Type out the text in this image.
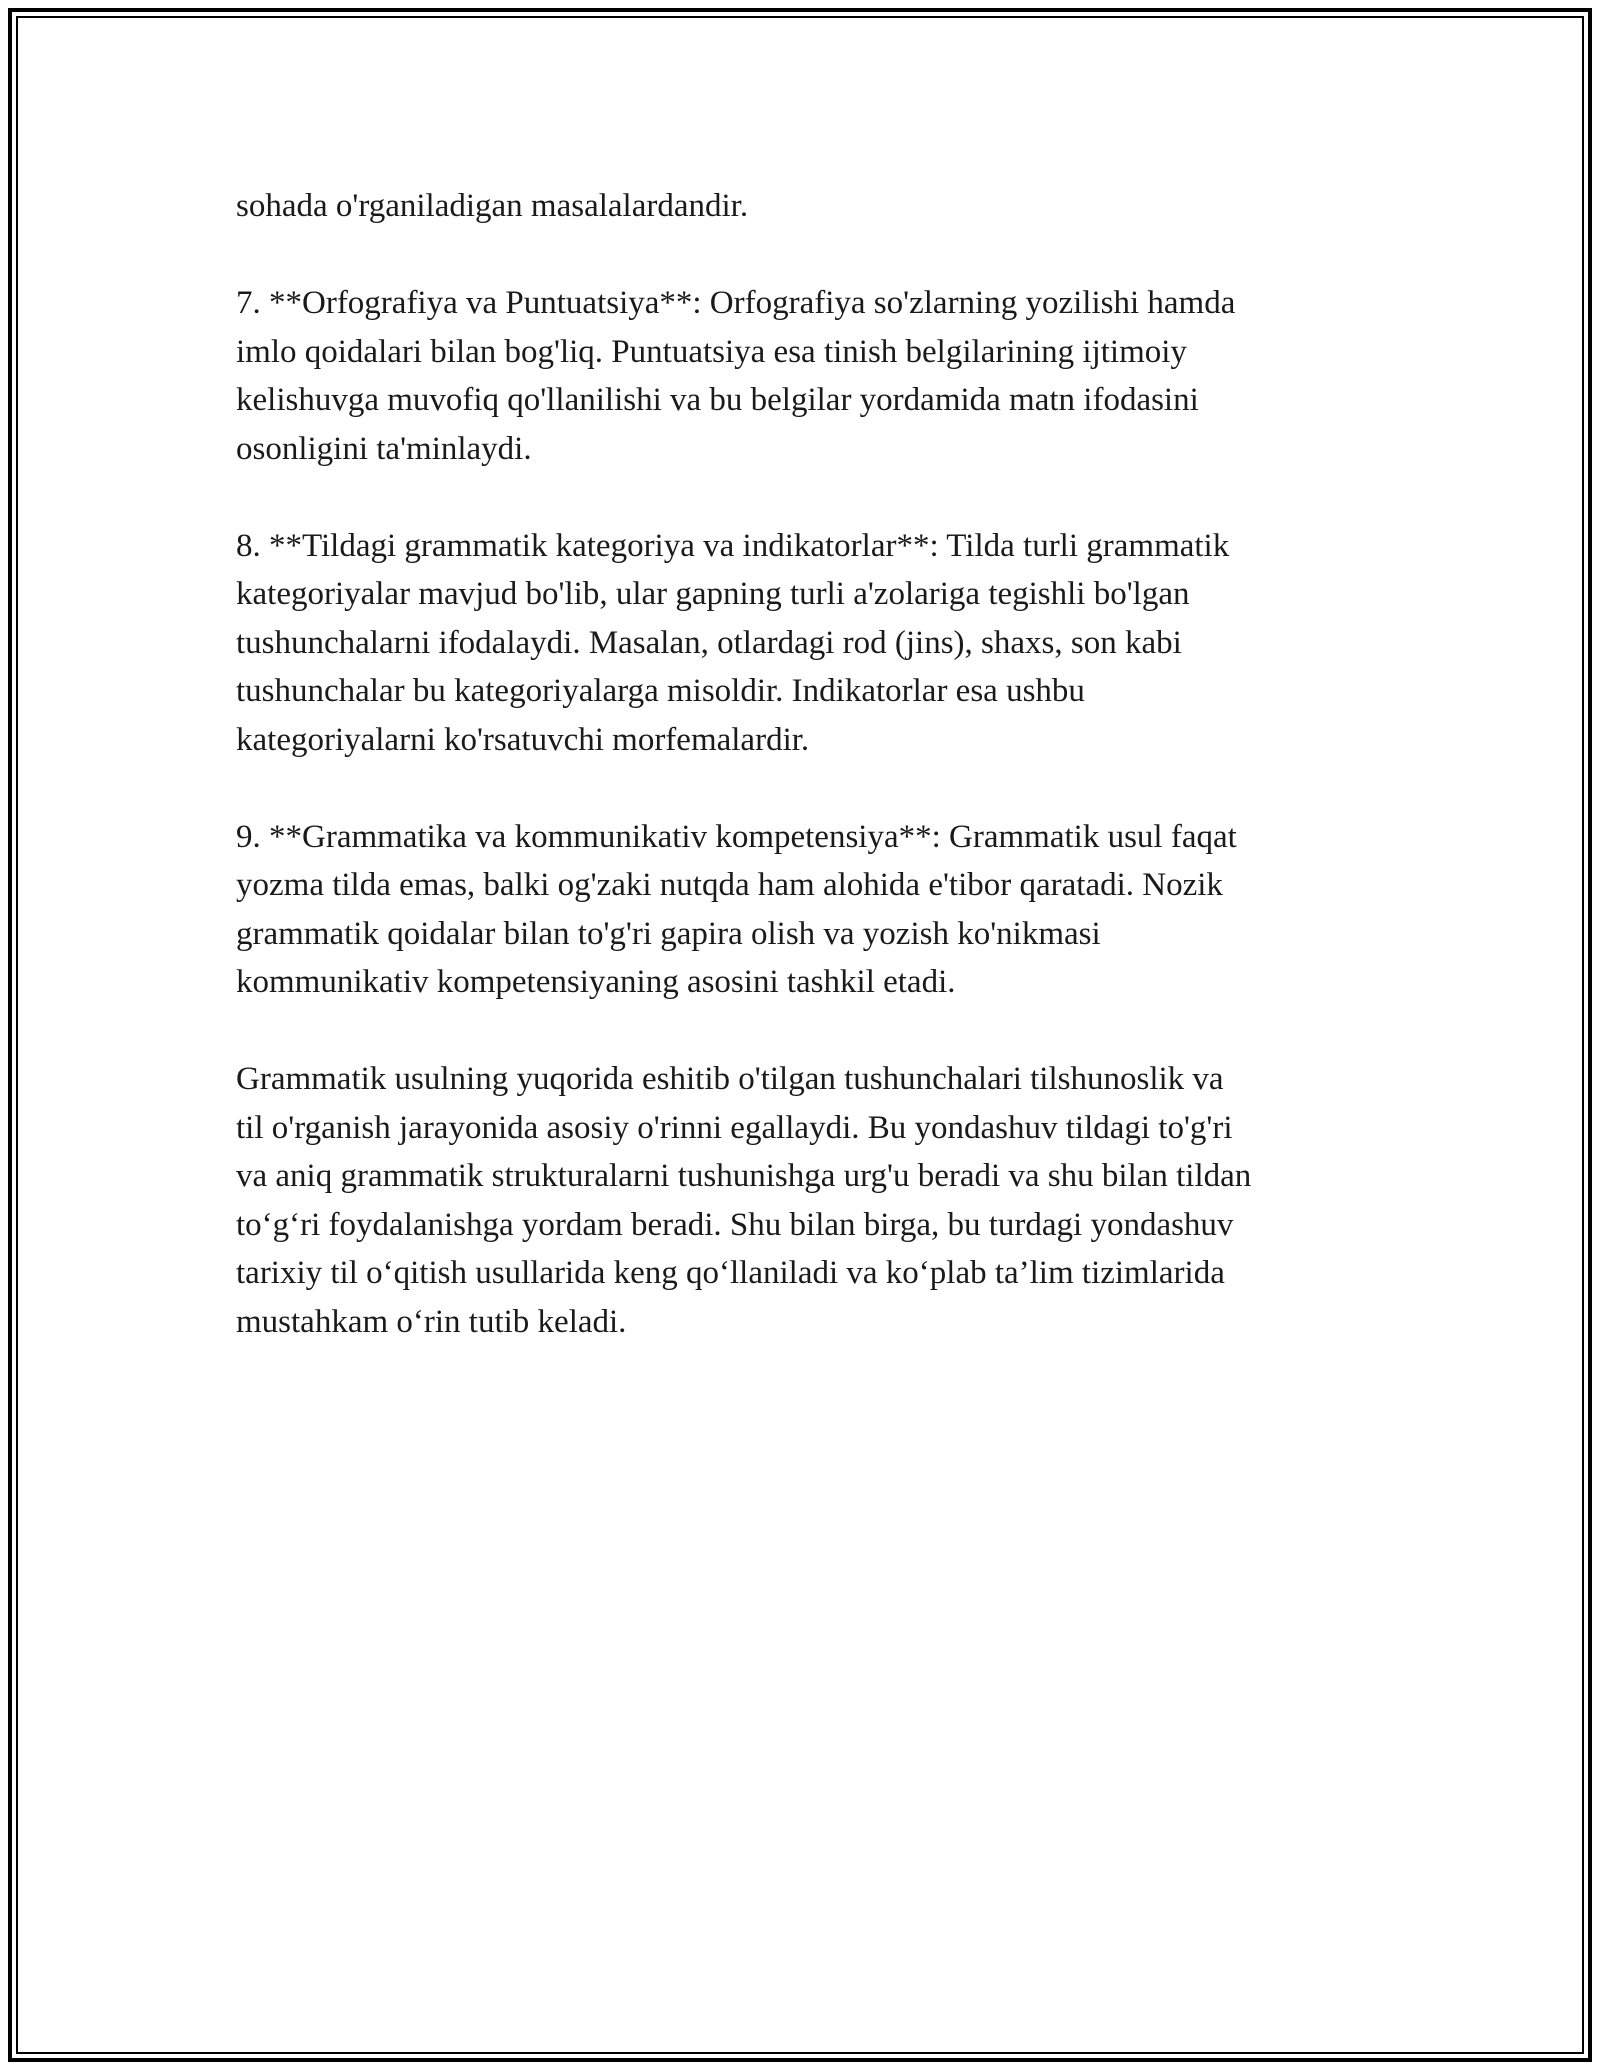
sohada o'rganiladigan masalalardandir.

7. **Orfografiya va Puntuatsiya**: Orfografiya so'zlarning yozilishi hamda
imlo qoidalari bilan bog'liq. Puntuatsiya esa tinish belgilarining ijtimoiy
kelishuvga muvofiq qo'llanilishi va bu belgilar yordamida matn ifodasini
osonligini ta'minlaydi.

8. **Tildagi grammatik kategoriya va indikatorlar**: Tilda turli grammatik
kategoriyalar mavjud bo'lib, ular gapning turli a'zolariga tegishli bo'lgan
tushunchalarni ifodalaydi. Masalan, otlardagi rod (jins), shaxs, son kabi
tushunchalar bu kategoriyalarga misoldir. Indikatorlar esa ushbu
kategoriyalarni ko'rsatuvchi morfemalardir.

9. **Grammatika va kommunikativ kompetensiya**: Grammatik usul faqat
yozma tilda emas, balki og'zaki nutqda ham alohida e'tibor qaratadi. Nozik
grammatik qoidalar bilan to'g'ri gapira olish va yozish ko'nikmasi
kommunikativ kompetensiyaning asosini tashkil etadi.

Grammatik usulning yuqorida eshitib o'tilgan tushunchalari tilshunoslik va
til o'rganish jarayonida asosiy o'rinni egallaydi. Bu yondashuv tildagi to'g'ri
va aniq grammatik strukturalarni tushunishga urg'u beradi va shu bilan tildan
to‘g‘ri foydalanishga yordam beradi. Shu bilan birga, bu turdagi yondashuv
tarixiy til o‘qitish usullarida keng qo‘llaniladi va ko‘plab ta’lim tizimlarida
mustahkam o‘rin tutib keladi.
